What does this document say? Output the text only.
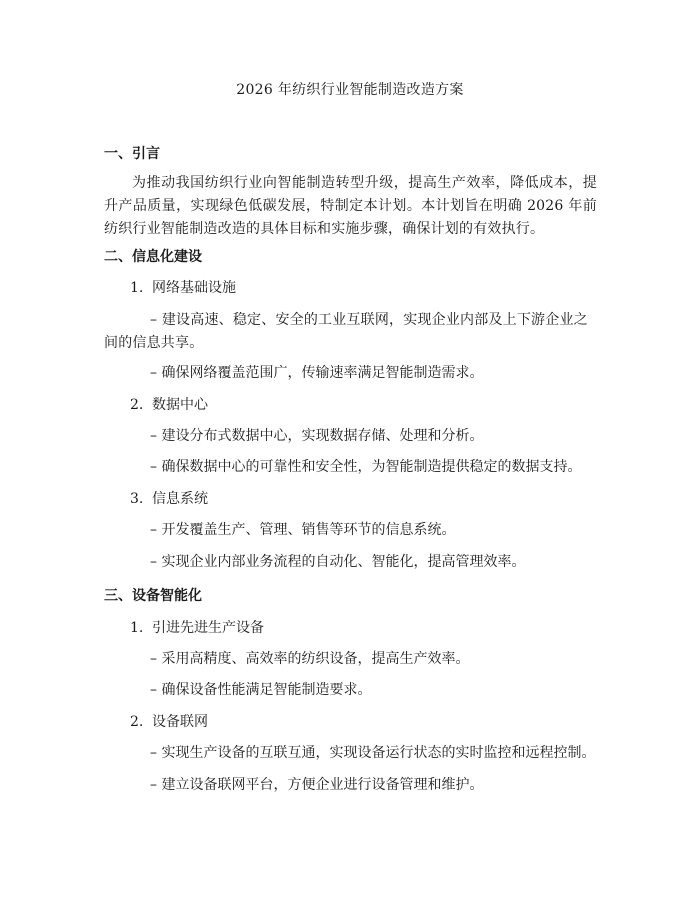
2026 年纺织行业智能制造改造方案
一、引言
为推动我国纺织行业向智能制造转型升级，提高生产效率，降低成本，提升产品质量，实现绿色低碳发展，特制定本计划。本计划旨在明确 2026 年前纺织行业智能制造改造的具体目标和实施步骤，确保计划的有效执行。
二、信息化建设
1. 网络基础设施
– 建设高速、稳定、安全的工业互联网，实现企业内部及上下游企业之间的信息共享。
– 确保网络覆盖范围广，传输速率满足智能制造需求。
2. 数据中心
– 建设分布式数据中心，实现数据存储、处理和分析。
– 确保数据中心的可靠性和安全性，为智能制造提供稳定的数据支持。
3. 信息系统
– 开发覆盖生产、管理、销售等环节的信息系统。
– 实现企业内部业务流程的自动化、智能化，提高管理效率。
三、设备智能化
1. 引进先进生产设备
– 采用高精度、高效率的纺织设备，提高生产效率。
– 确保设备性能满足智能制造要求。
2. 设备联网
– 实现生产设备的互联互通，实现设备运行状态的实时监控和远程控制。
– 建立设备联网平台，方便企业进行设备管理和维护。
